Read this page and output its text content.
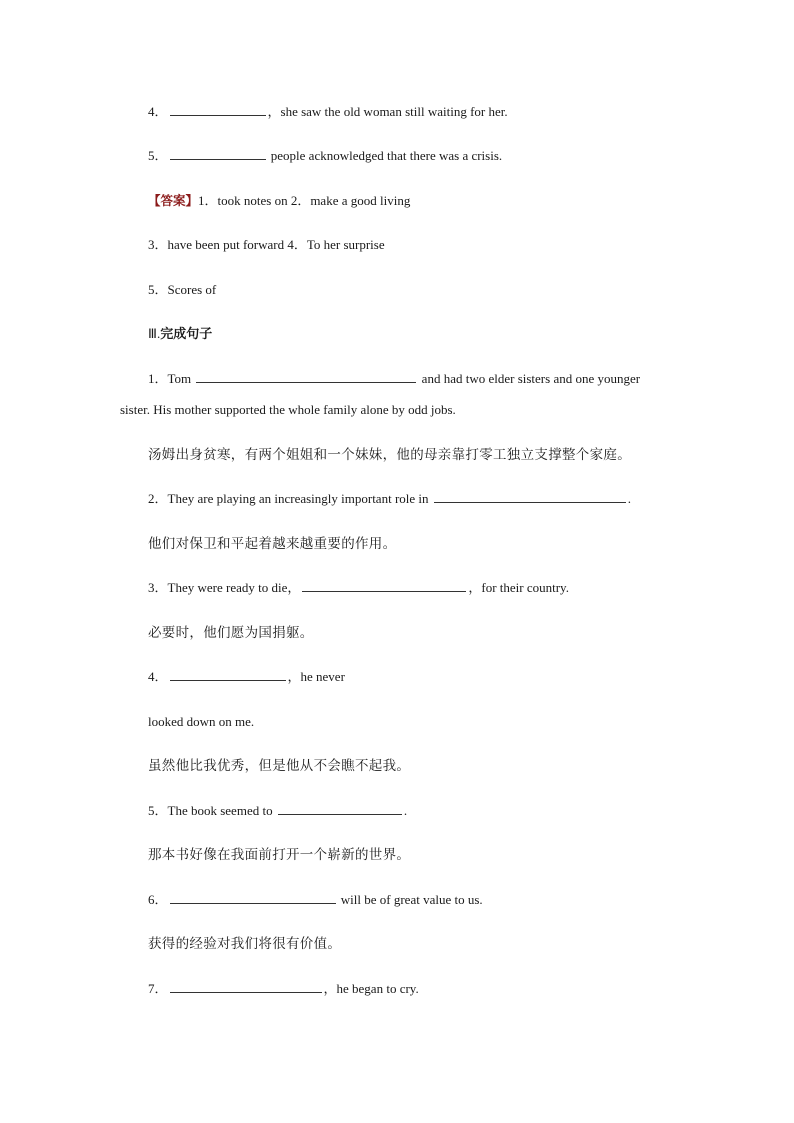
4．	，she saw the old woman still waiting for her.
5．	people acknowledged that there was a crisis.
【答案】1．took notes on 2．make a good living
3．have been put forward 4．To her surprise
5．Scores of
Ⅲ.完成句子
1．Tom	and had two elder sisters and one younger
sister. His mother supported the whole family alone by odd jobs.
汤姆出身贫寒，有两个姐姐和一个妹妹，他的母亲靠打零工独立支撑整个家庭。
2．They are playing an increasingly important role in	.
他们对保卫和平起着越来越重要的作用。
3．They were ready to die，	，for their country.
必要时，他们愿为国捐躯。
4．	，he never
looked down on me.
虽然他比我优秀，但是他从不会瞧不起我。
5．The book seemed to	.
那本书好像在我面前打开一个崭新的世界。
6．	will be of great value to us.
获得的经验对我们将很有价值。
7．	，he began to cry.
